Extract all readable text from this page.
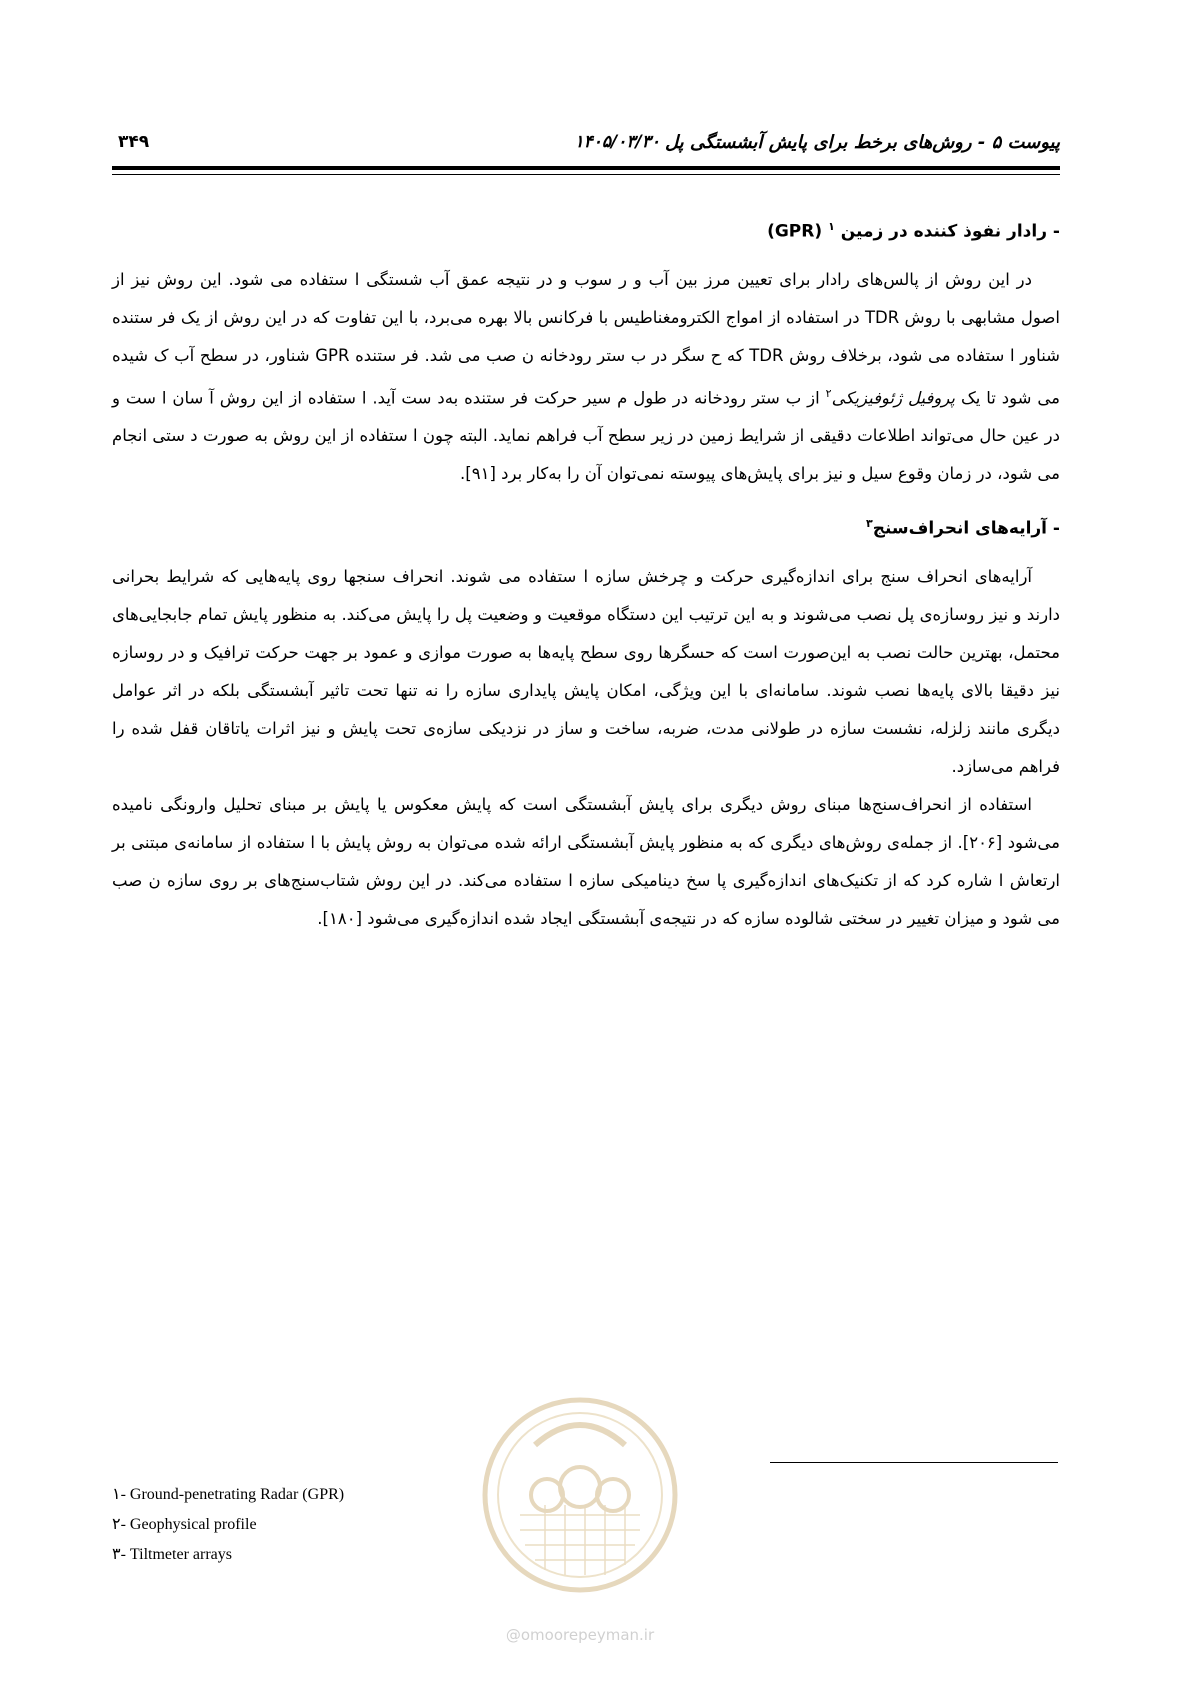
پیوست ۵ - روش‌های برخط برای پایش آبشستگی پل
۱۴۰۵/۰۳/۳۰
۳۴۹
- رادار نفوذ کننده در زمین $^۱$ (GPR)

در این روش از پالس‌های رادار برای تعیین مرز بین آب و ر سوب و در نتیجه عمق آب شستگی ا ستفاده می شود. این روش نیز از اصول مشابهی با روش TDR در استفاده از امواج الکترومغناطیس با فرکانس بالا بهره می‌برد، با این تفاوت که در این روش از یک فر ستنده شناور ا ستفاده می شود، برخلاف روش TDR که ح سگر در ب ستر رودخانه ن صب می شد. فر ستنده GPR شناور، در سطح آب ک شیده می شود تا یک پروفیل ژئوفیزیکی$^۲$ از ب ستر رودخانه در طول م سیر حرکت فر ستنده به‌د ست آید. ا ستفاده از این روش آ سان ا ست و در عین حال می‌تواند اطلاعات دقیقی از شرایط زمین در زیر سطح آب فراهم نماید. البته چون ا ستفاده از این روش به صورت د ستی انجام می شود، در زمان وقوع سیل و نیز برای پایش‌های پیوسته نمی‌توان آن را به‌کار برد [۹۱].

- آرایه‌های انحراف‌سنج$^۳$

آرایه‌های انحراف سنج برای اندازه‌گیری حرکت و چرخش سازه ا ستفاده می شوند. انحراف سنجها روی پایه‌هایی که شرایط بحرانی دارند و نیز روسازه‌ی پل نصب می‌شوند و به این ترتیب این دستگاه موقعیت و وضعیت پل را پایش می‌کند. به منظور پایش تمام جابجایی‌های محتمل، بهترین حالت نصب به این‌صورت است که حسگرها روی سطح پایه‌ها به صورت موازی و عمود بر جهت حرکت ترافیک و در روسازه نیز دقیقا بالای پایه‌ها نصب شوند. سامانه‌ای با این ویژگی، امکان پایش پایداری سازه را نه تنها تحت تاثیر آبشستگی بلکه در اثر عوامل دیگری مانند زلزله، نشست سازه در طولانی مدت، ضربه، ساخت و ساز در نزدیکی سازه‌ی تحت پایش و نیز اثرات یاتاقان قفل شده را فراهم می‌سازد.

استفاده از انحراف‌سنج‌ها مبنای روش دیگری برای پایش آبشستگی است که پایش معکوس یا پایش بر مبنای تحلیل وارونگی نامیده می‌شود [۲۰۶]. از جمله‌ی روش‌های دیگری که به منظور پایش آبشستگی ارائه شده می‌توان به روش پایش با ا ستفاده از سامانه‌ی مبتنی بر ارتعاش ا شاره کرد که از تکنیک‌های اندازه‌گیری پا سخ دینامیکی سازه ا ستفاده می‌کند. در این روش شتاب‌سنج‌های بر روی سازه ن صب می شود و میزان تغییر در سختی شالوده سازه که در نتیجه‌ی آبشستگی ایجاد شده اندازه‌گیری می‌شود [۱۸۰].

@omoorepeyman.ir
۱- Ground-penetrating Radar (GPR)
۲- Geophysical profile
۳- Tiltmeter arrays
